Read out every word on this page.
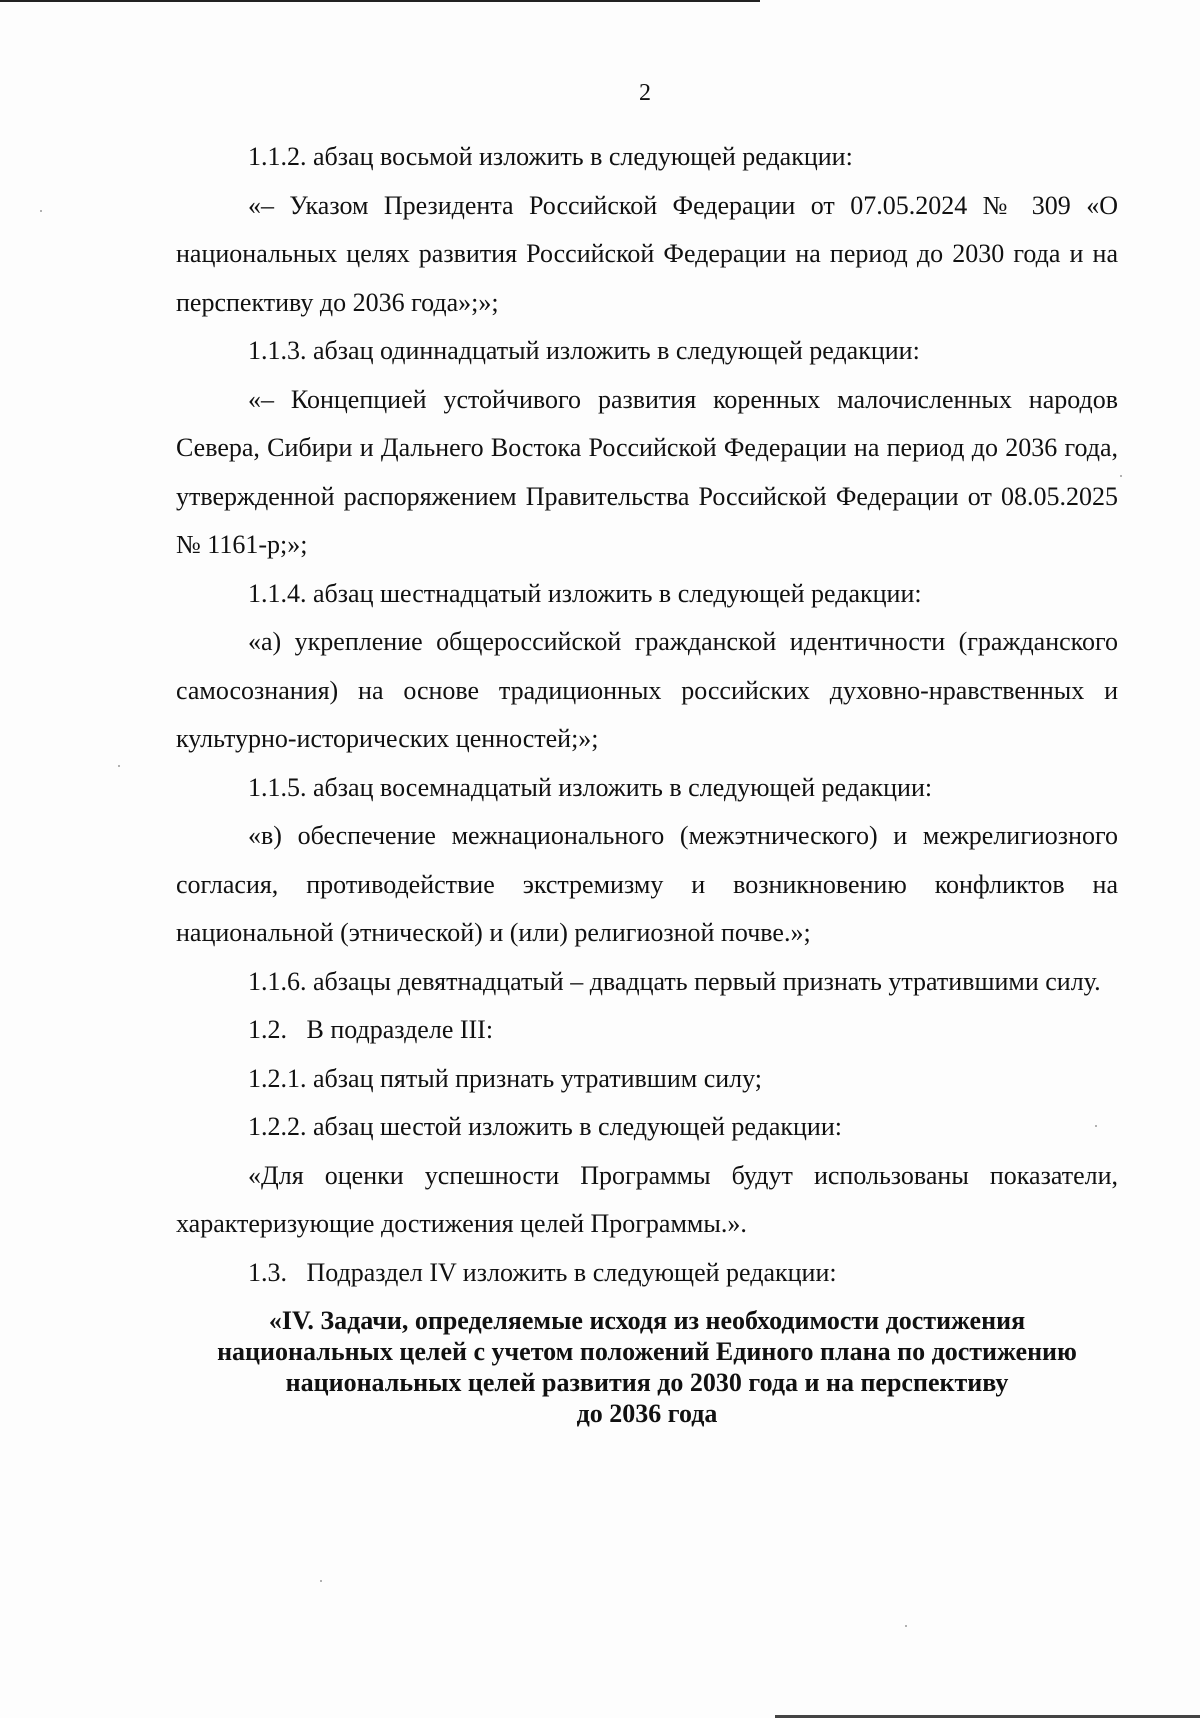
2

1.1.2. абзац восьмой изложить в следующей редакции:

«– Указом Президента Российской Федерации от 07.05.2024 № 309 «О национальных целях развития Российской Федерации на период до 2030 года и на перспективу до 2036 года»;»;

1.1.3. абзац одиннадцатый изложить в следующей редакции:

«– Концепцией устойчивого развития коренных малочисленных народов Севера, Сибири и Дальнего Востока Российской Федерации на период до 2036 года, утвержденной распоряжением Правительства Российской Федерации от 08.05.2025 № 1161-р;»;

1.1.4. абзац шестнадцатый изложить в следующей редакции:

«а) укрепление общероссийской гражданской идентичности (гражданского самосознания) на основе традиционных российских духовно-нравственных и культурно-исторических ценностей;»;

1.1.5. абзац восемнадцатый изложить в следующей редакции:

«в) обеспечение межнационального (межэтнического) и межрелигиозного согласия, противодействие экстремизму и возникновению конфликтов на национальной (этнической) и (или) религиозной почве.»;

1.1.6. абзацы девятнадцатый – двадцать первый признать утратившими силу.

1.2.   В подразделе III:

1.2.1. абзац пятый признать утратившим силу;

1.2.2. абзац шестой изложить в следующей редакции:

«Для оценки успешности Программы будут использованы показатели, характеризующие достижения целей Программы.».

1.3.   Подраздел IV изложить в следующей редакции:

«IV. Задачи, определяемые исходя из необходимости достижения
национальных целей с учетом положений Единого плана по достижению
национальных целей развития до 2030 года и на перспективу
до 2036 года
